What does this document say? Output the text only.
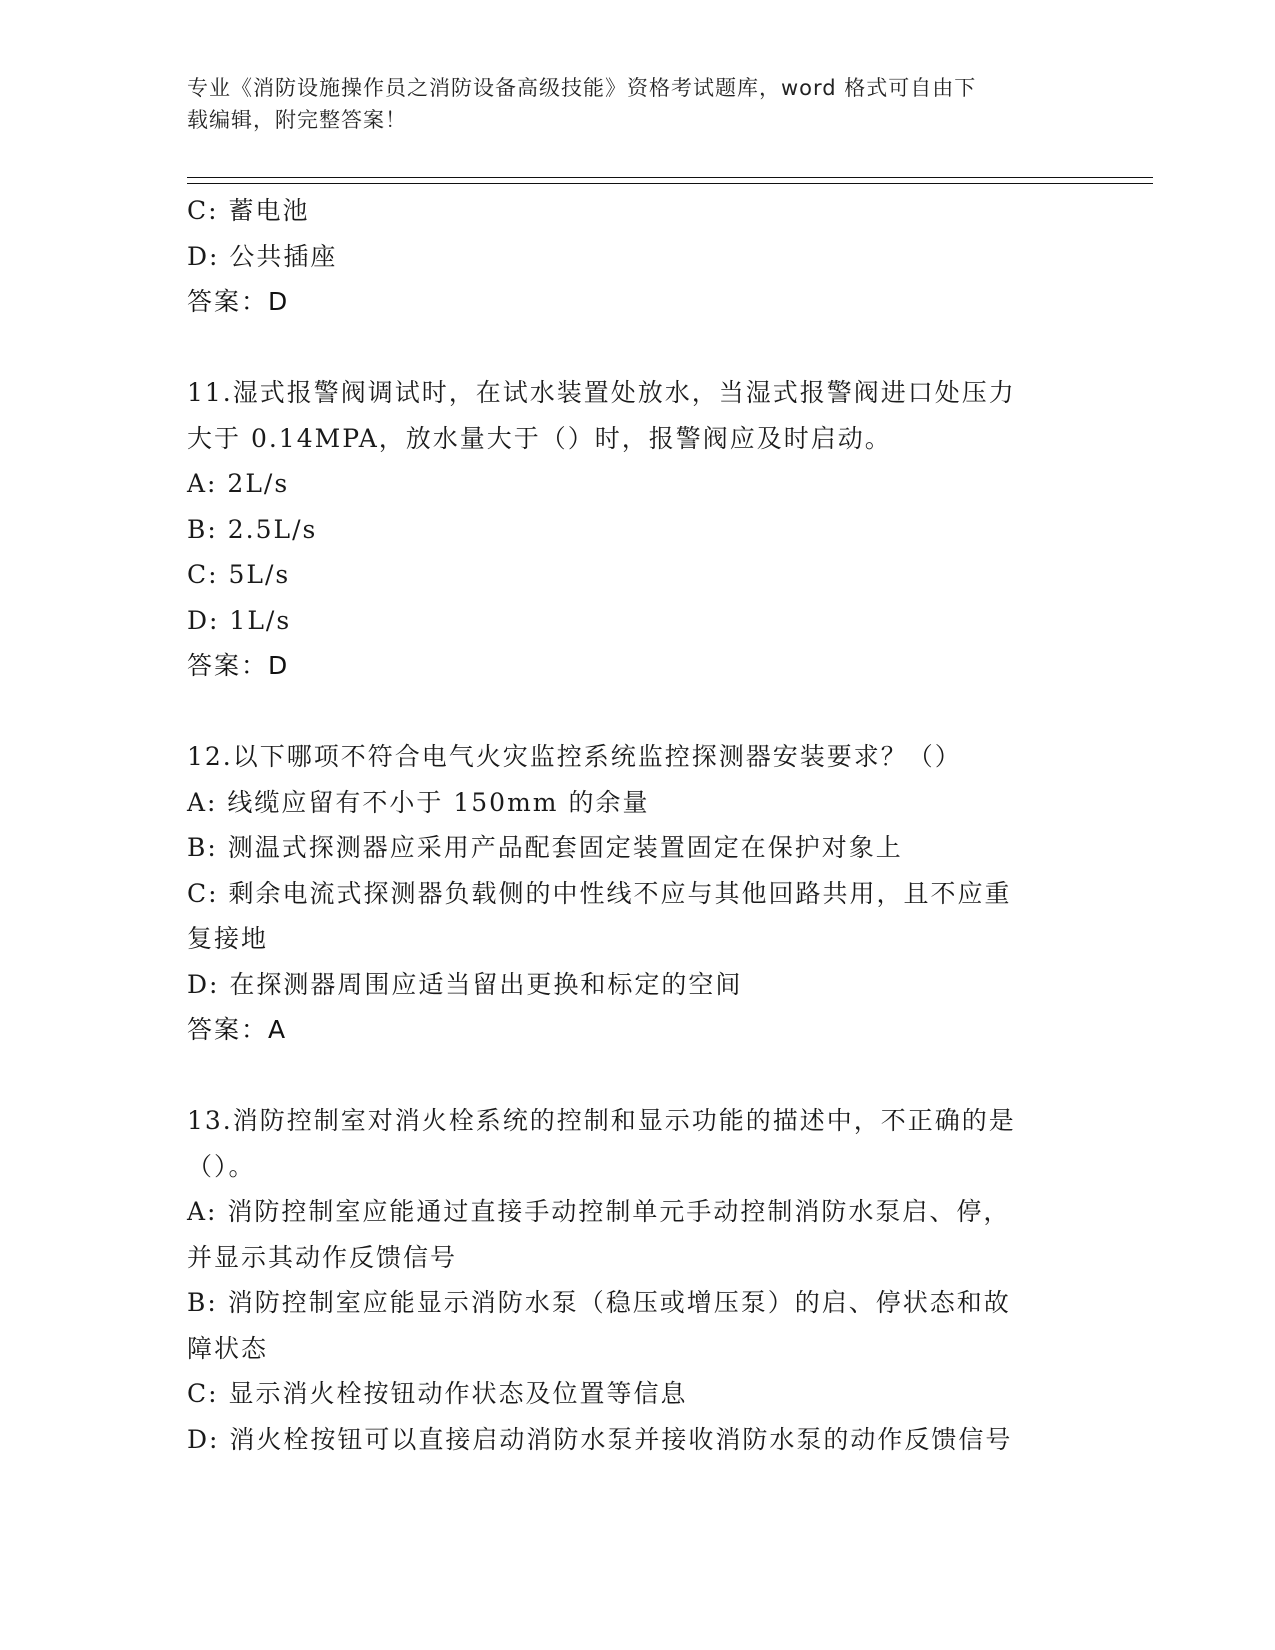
专业《消防设施操作员之消防设备高级技能》资格考试题库，word 格式可自由下
载编辑，附完整答案！
C: 蓄电池
D: 公共插座
答案：D
11.湿式报警阀调试时，在试水装置处放水，当湿式报警阀进口处压力
大于 0.14MPA，放水量大于（）时，报警阀应及时启动。
A: 2L/s
B: 2.5L/s
C: 5L/s
D: 1L/s
答案：D
12.以下哪项不符合电气火灾监控系统监控探测器安装要求？（）
A: 线缆应留有不小于 150mm 的余量
B: 测温式探测器应采用产品配套固定装置固定在保护对象上
C: 剩余电流式探测器负载侧的中性线不应与其他回路共用，且不应重
复接地
D: 在探测器周围应适当留出更换和标定的空间
答案：A
13.消防控制室对消火栓系统的控制和显示功能的描述中，不正确的是
（）。
A: 消防控制室应能通过直接手动控制单元手动控制消防水泵启、停，
并显示其动作反馈信号
B: 消防控制室应能显示消防水泵（稳压或增压泵）的启、停状态和故
障状态
C: 显示消火栓按钮动作状态及位置等信息
D: 消火栓按钮可以直接启动消防水泵并接收消防水泵的动作反馈信号
